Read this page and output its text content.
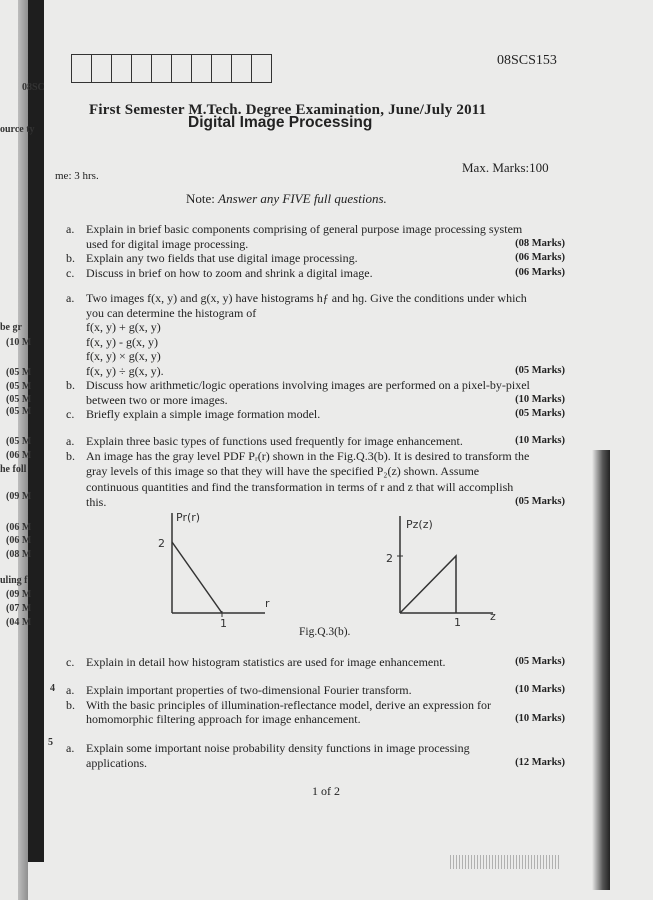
08SC
ource ty
be gr
(10 M
(05 M
(05 M
(05 M
(05 M
(05 M
(06 M
he foll
(09 M
(06 M
(06 M
(08 M
uling f
(09 M
(07 M
(04 M
4
5
08SCS153
First Semester M.Tech. Degree Examination, June/July 2011
Digital Image Processing
Max. Marks:100
me: 3 hrs.
Note: Answer any FIVE full questions.
a. Explain in brief basic components comprising of general purpose image processing system
used for digital image processing.	(08 Marks)
b. Explain any two fields that use digital image processing.	(06 Marks)
c. Discuss in brief on how to zoom and shrink a digital image.	(06 Marks)
a. Two images f(x, y) and g(x, y) have histograms hƒ and hɡ. Give the conditions under which
you can determine the histogram of
f(x, y) + g(x, y)
f(x, y) - g(x, y)
f(x, y) × g(x, y)
f(x, y) ÷ g(x, y).	(05 Marks)
b. Discuss how arithmetic/logic operations involving images are performed on a pixel-by-pixel
between two or more images.	(10 Marks)
c. Briefly explain a simple image formation model.	(05 Marks)
a. Explain three basic types of functions used frequently for image enhancement.	(10 Marks)
b. An image has the gray level PDF Pᵣ(r) shown in the Fig.Q.3(b). It is desired to transform the
gray levels of this image so that they will have the specified P₂(z) shown. Assume
continuous quantities and find the transformation in terms of r and z that will accomplish
this.	(05 Marks)
c. Explain in detail how histogram statistics are used for image enhancement.	(05 Marks)
a. Explain important properties of two-dimensional Fourier transform.	(10 Marks)
b. With the basic principles of illumination-reflectance model, derive an expression for
homomorphic filtering approach for image enhancement.	(10 Marks)
a. Explain some important noise probability density functions in image processing
applications.	(12 Marks)
Pr(r)
2
1
r
Pz(z)
2
1	z
Fig.Q.3(b).
1 of 2
